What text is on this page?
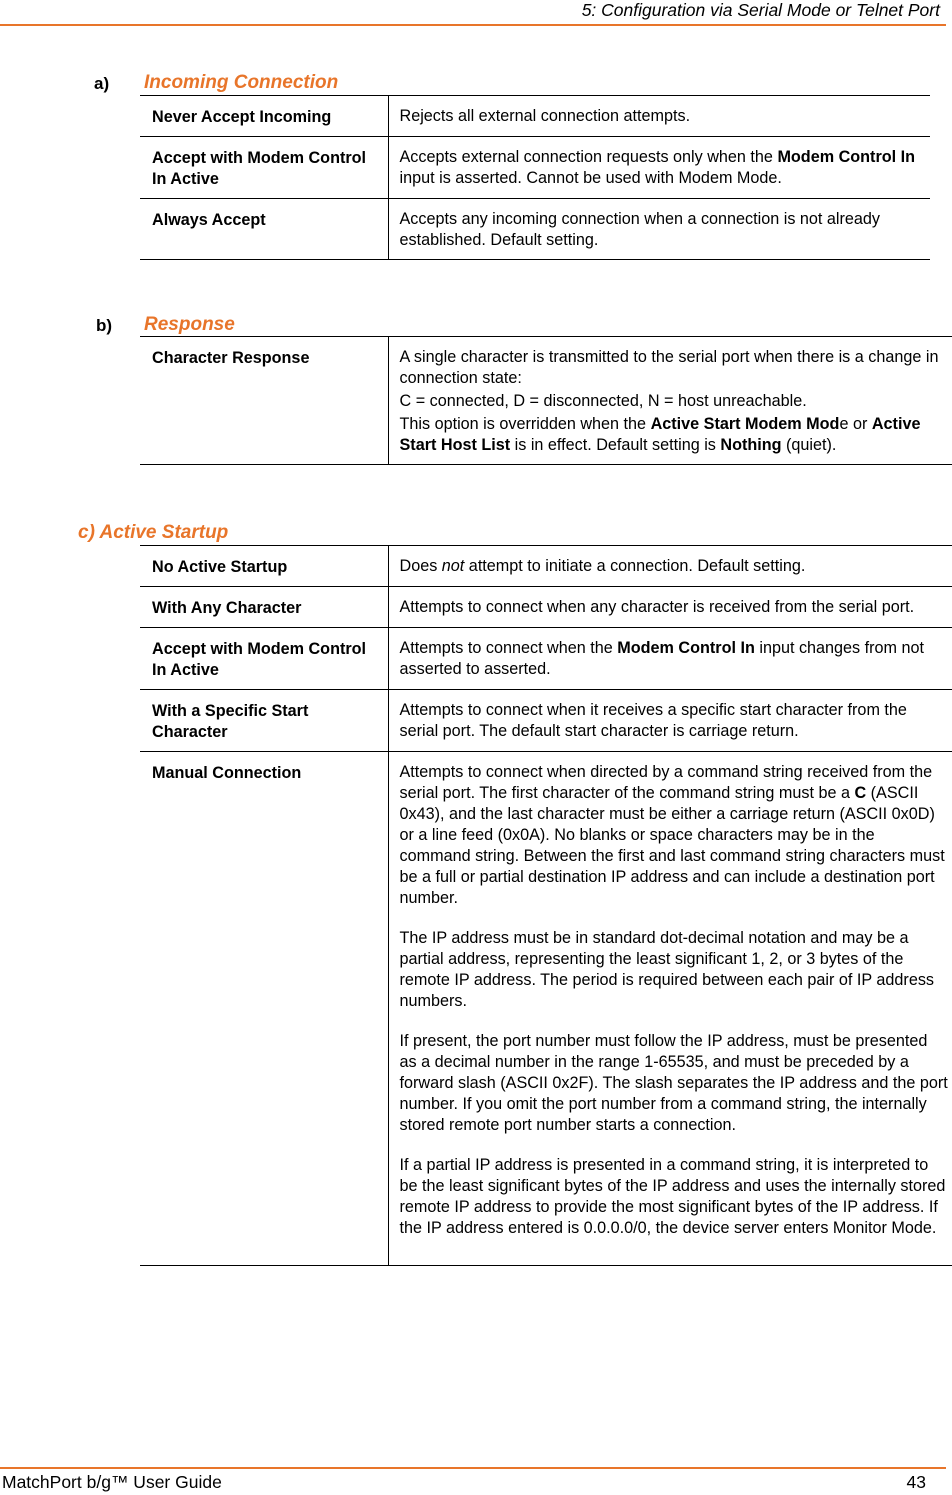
5: Configuration via Serial Mode or Telnet Port
a) Incoming Connection
Never Accept Incoming	Rejects all external connection attempts.
Accept with Modem Control In Active	Accepts external connection requests only when the Modem Control In input is asserted. Cannot be used with Modem Mode.
Always Accept	Accepts any incoming connection when a connection is not already established. Default setting.
b) Response
Character Response	A single character is transmitted to the serial port when there is a change in connection state:

C = connected, D = disconnected, N = host unreachable.

This option is overridden when the Active Start Modem Mode or Active Start Host List is in effect. Default setting is Nothing (quiet).

c) Active Startup
No Active Startup	Does not attempt to initiate a connection. Default setting.
With Any Character	Attempts to connect when any character is received from the serial port.
Accept with Modem Control In Active	Attempts to connect when the Modem Control In input changes from not asserted to asserted.
With a Specific Start Character	Attempts to connect when it receives a specific start character from the serial port. The default start character is carriage return.
Manual Connection	Attempts to connect when directed by a command string received from the serial port. The first character of the command string must be a C (ASCII 0x43), and the last character must be either a carriage return (ASCII 0x0D) or a line feed (0x0A). No blanks or space characters may be in the command string. Between the first and last command string characters must be a full or partial destination IP address and can include a destination port number.

The IP address must be in standard dot-decimal notation and may be a partial address, representing the least significant 1, 2, or 3 bytes of the remote IP address. The period is required between each pair of IP address numbers.

If present, the port number must follow the IP address, must be presented as a decimal number in the range 1-65535, and must be preceded by a forward slash (ASCII 0x2F). The slash separates the IP address and the port number. If you omit the port number from a command string, the internally stored remote port number starts a connection.

If a partial IP address is presented in a command string, it is interpreted to be the least significant bytes of the IP address and uses the internally stored remote IP address to provide the most significant bytes of the IP address. If the IP address entered is 0.0.0.0/0, the device server enters Monitor Mode.

MatchPort b/g™ User Guide	43
